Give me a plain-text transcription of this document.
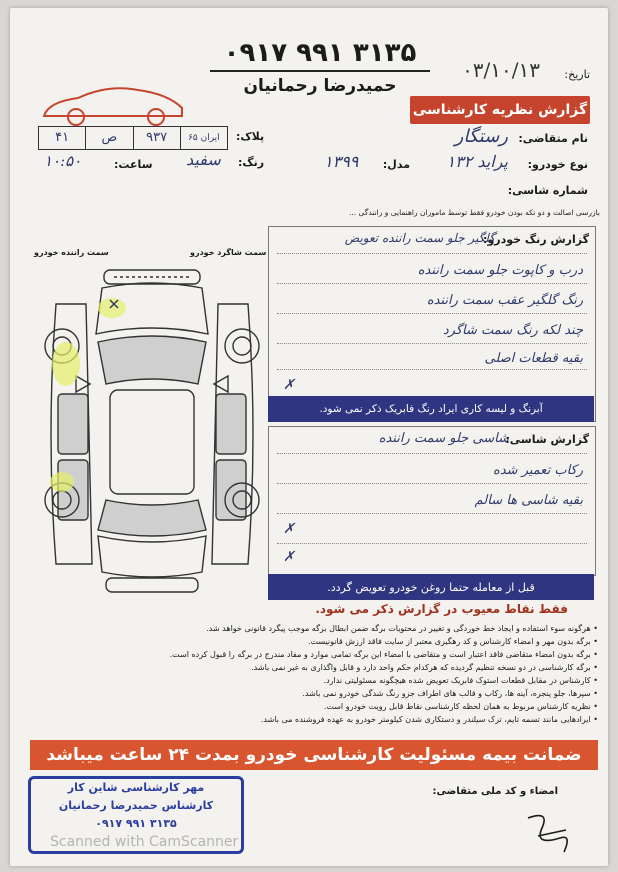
۰۹۱۷ ۹۹۱ ۳۱۳۵
حمیدرضا رحمانیان
تاریخ:
۰۳/۱۰/۱۳
گزارش نظریه کارشناسی
نام متقاضی:
رستگار
نوع خودرو:
پراید ۱۳۲
مدل:
۱۳۹۹
شماره شاسی:
پلاک:
۴۱	ص	۹۳۷	ایران ۶۵
رنگ:
سفید
ساعت:
۱۰:۵۰
بازرسی اصالت و دو تکه بودن خودرو فقط توسط ماموران راهنمایی و رانندگی ...
سمت شاگرد خودرو
سمت راننده خودرو
گزارش رنگ خودرو:
گلگیر جلو سمت راننده تعویض
درب و کاپوت جلو سمت راننده
رنگ گلگیر عقب سمت راننده
چند لکه رنگ سمت شاگرد
بقیه قطعات اصلی
✗
آبرنگ و لیسه کاری ایراد رنگ فابریک ذکر نمی شود.
گزارش شاسی:
شاسی جلو سمت راننده
رکاب تعمیر شده
بقیه شاسی ها سالم
✗
✗
قبل از معامله حتما روغن خودرو تعویض گردد.
فقط نقاط معیوب در گزارش ذکر می شود.
• هرگونه سوء استفاده و ایجاد خط خوردگی و تغییر در محتویات برگه ضمن ابطال برگه موجب پیگرد قانونی خواهد شد.
• برگه بدون مهر و امضاء کارشناس و کد رهگیری معتبر از سایت فاقد ارزش قانونیست.
• برگه بدون امضاء متقاضی فاقد اعتبار است و متقاضی با امضاء این برگه تمامی موارد و مفاد مندرج در برگه را قبول کرده است.
• برگه کارشناسی در دو نسخه تنظیم گردیده که هرکدام حکم واحد دارد و قابل واگذاری به غیر نمی باشد.
• کارشناس در مقابل قطعات استوک فابریک تعویض شده هیچگونه مسئولیتی ندارد.
• سپرها، جلو پنجره، آینه ها، رکاب و قالب های اطراف جزو رنگ شدگی خودرو نمی باشد.
• نظریه کارشناس مربوط به همان لحظه کارشناسی نقاط قابل رویت خودرو است.
• ایرادهایی مانند تسمه تایم، ترک سیلندر و دستکاری شدن کیلومتر خودرو به عهده فروشنده می باشد.
ضمانت بیمه مسئولیت کارشناسی خودرو بمدت ۲۴ ساعت میباشد
امضاء و کد ملی متقاضی:
مهر کارشناسی شاین کار
کارشناس حمیدرضا رحمانیان
۰۹۱۷ ۹۹۱ ۳۱۳۵
Scanned with CamScanner
